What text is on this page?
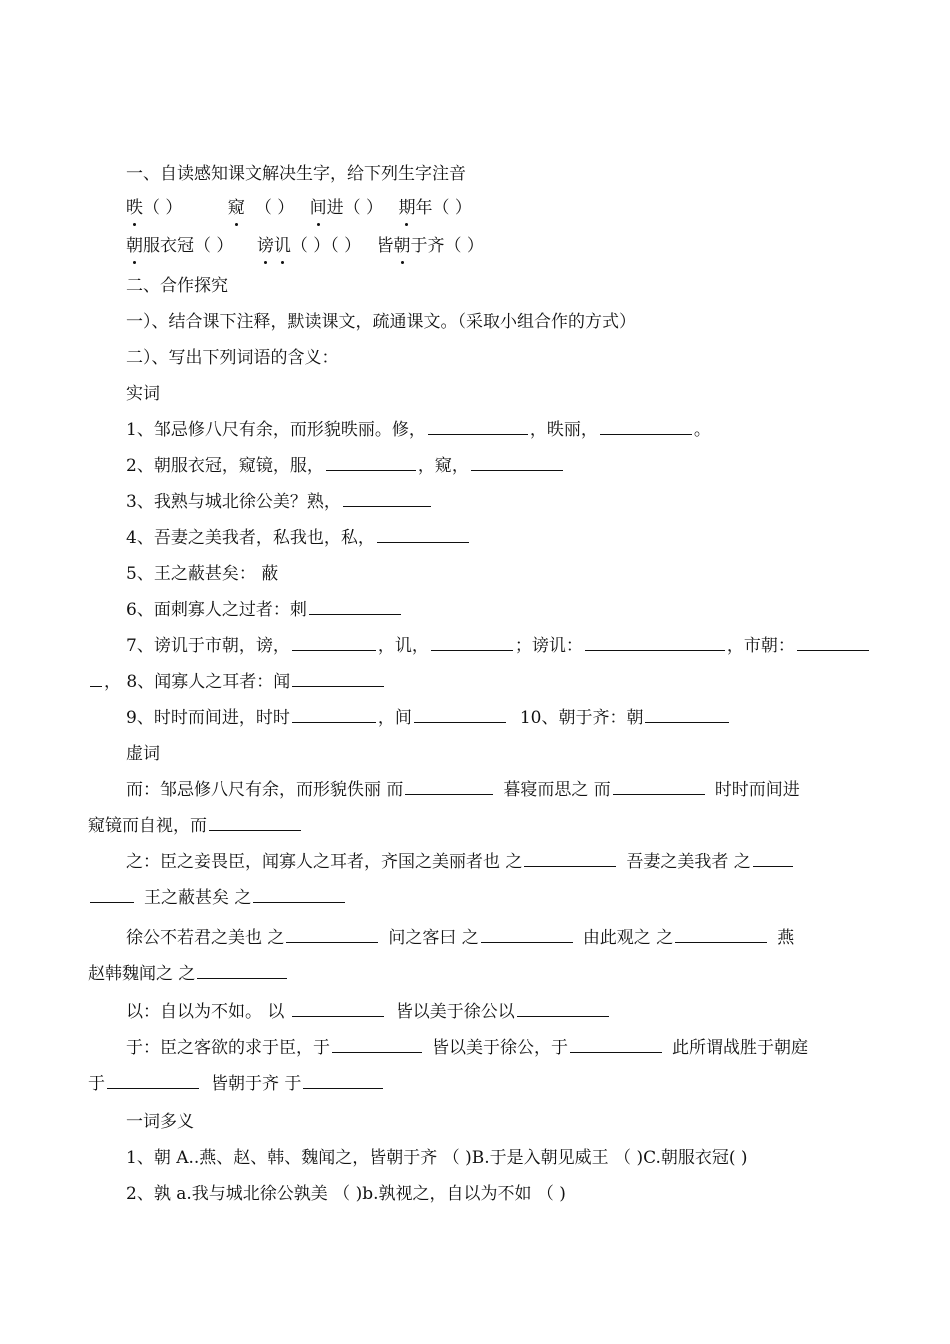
一、自读感知课文解决生字，给下列生字注音
昳（ ）	窥 （ ） 间进（ ） 期年（ ）
朝服衣冠（ ） 谤讥（ ）（ ） 皆朝于齐（ ）
二、合作探究
一）、结合课下注释，默读课文，疏通课文。（采取小组合作的方式）
二）、写出下列词语的含义：
实词
1、邹忌修八尺有余，而形貌昳丽。修，	，昳丽，	。
2、朝服衣冠，窥镜，服，	，窥，
3、我熟与城北徐公美？熟，
4、吾妻之美我者，私我也，私，
5、王之蔽甚矣： 蔽
6、面刺寡人之过者：刺
7、谤讥于市朝，谤，	，讥，	；谤讥：	，市朝：
， 8、闻寡人之耳者：闻
9、时时而间进，时时	，间	10、朝于齐：朝
虚词
而：邹忌修八尺有余，而形貌佚丽 而	暮寝而思之 而	时时而间进
窥镜而自视，而
之：臣之妾畏臣，闻寡人之耳者，齐国之美丽者也 之	吾妻之美我者 之
王之蔽甚矣 之
徐公不若君之美也 之	问之客曰 之	由此观之 之	燕
赵韩魏闻之 之
以：自以为不如。 以	皆以美于徐公以
于：臣之客欲的求于臣，于	皆以美于徐公，于	此所谓战胜于朝庭
于	皆朝于齐 于
一词多义
1、朝 A..燕、赵、韩、魏闻之，皆朝于齐 （ )B.于是入朝见威王 （ )C.朝服衣冠( )
2、孰 a.我与城北徐公孰美 （ )b.孰视之，自以为不如 （ )
